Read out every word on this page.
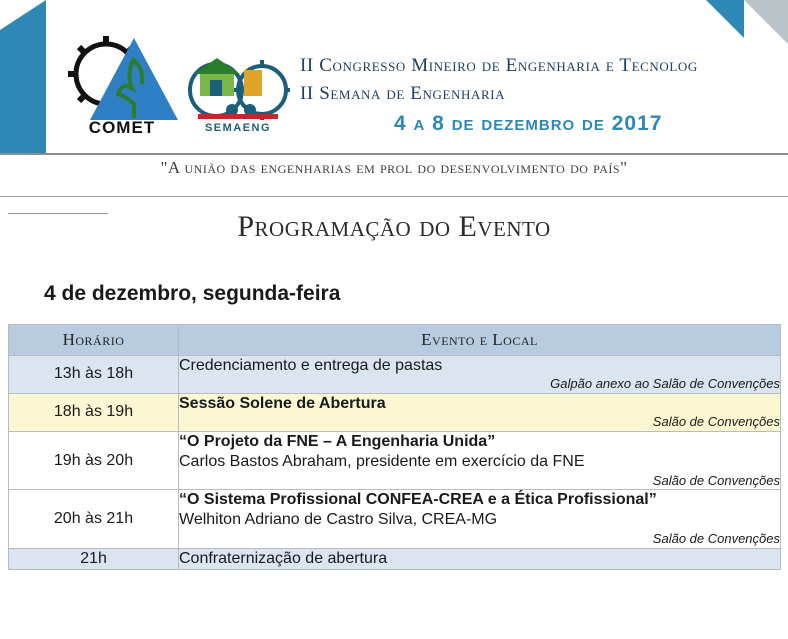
COMET	SEMAENG
II Congresso Mineiro de Engenharia e Tecnolog
II Semana de Engenharia
4 a 8 de dezembro de 2017
"A união das engenharias em prol do desenvolvimento do país"
Programação do Evento
4 de dezembro, segunda-feira
Horário	Evento e Local
13h às 18h	Credenciamento e entrega de pastas
Galpão anexo ao Salão de Convenções

18h às 19h	Sessão Solene de Abertura
Salão de Convenções

19h às 20h	“O Projeto da FNE – A Engenharia Unida”
Carlos Bastos Abraham, presidente em exercício da FNE
Salão de Convenções

20h às 21h	“O Sistema Profissional CONFEA-CREA e a Ética Profissional”
Welhiton Adriano de Castro Silva, CREA-MG
Salão de Convenções

21h	Confraternização de abertura
